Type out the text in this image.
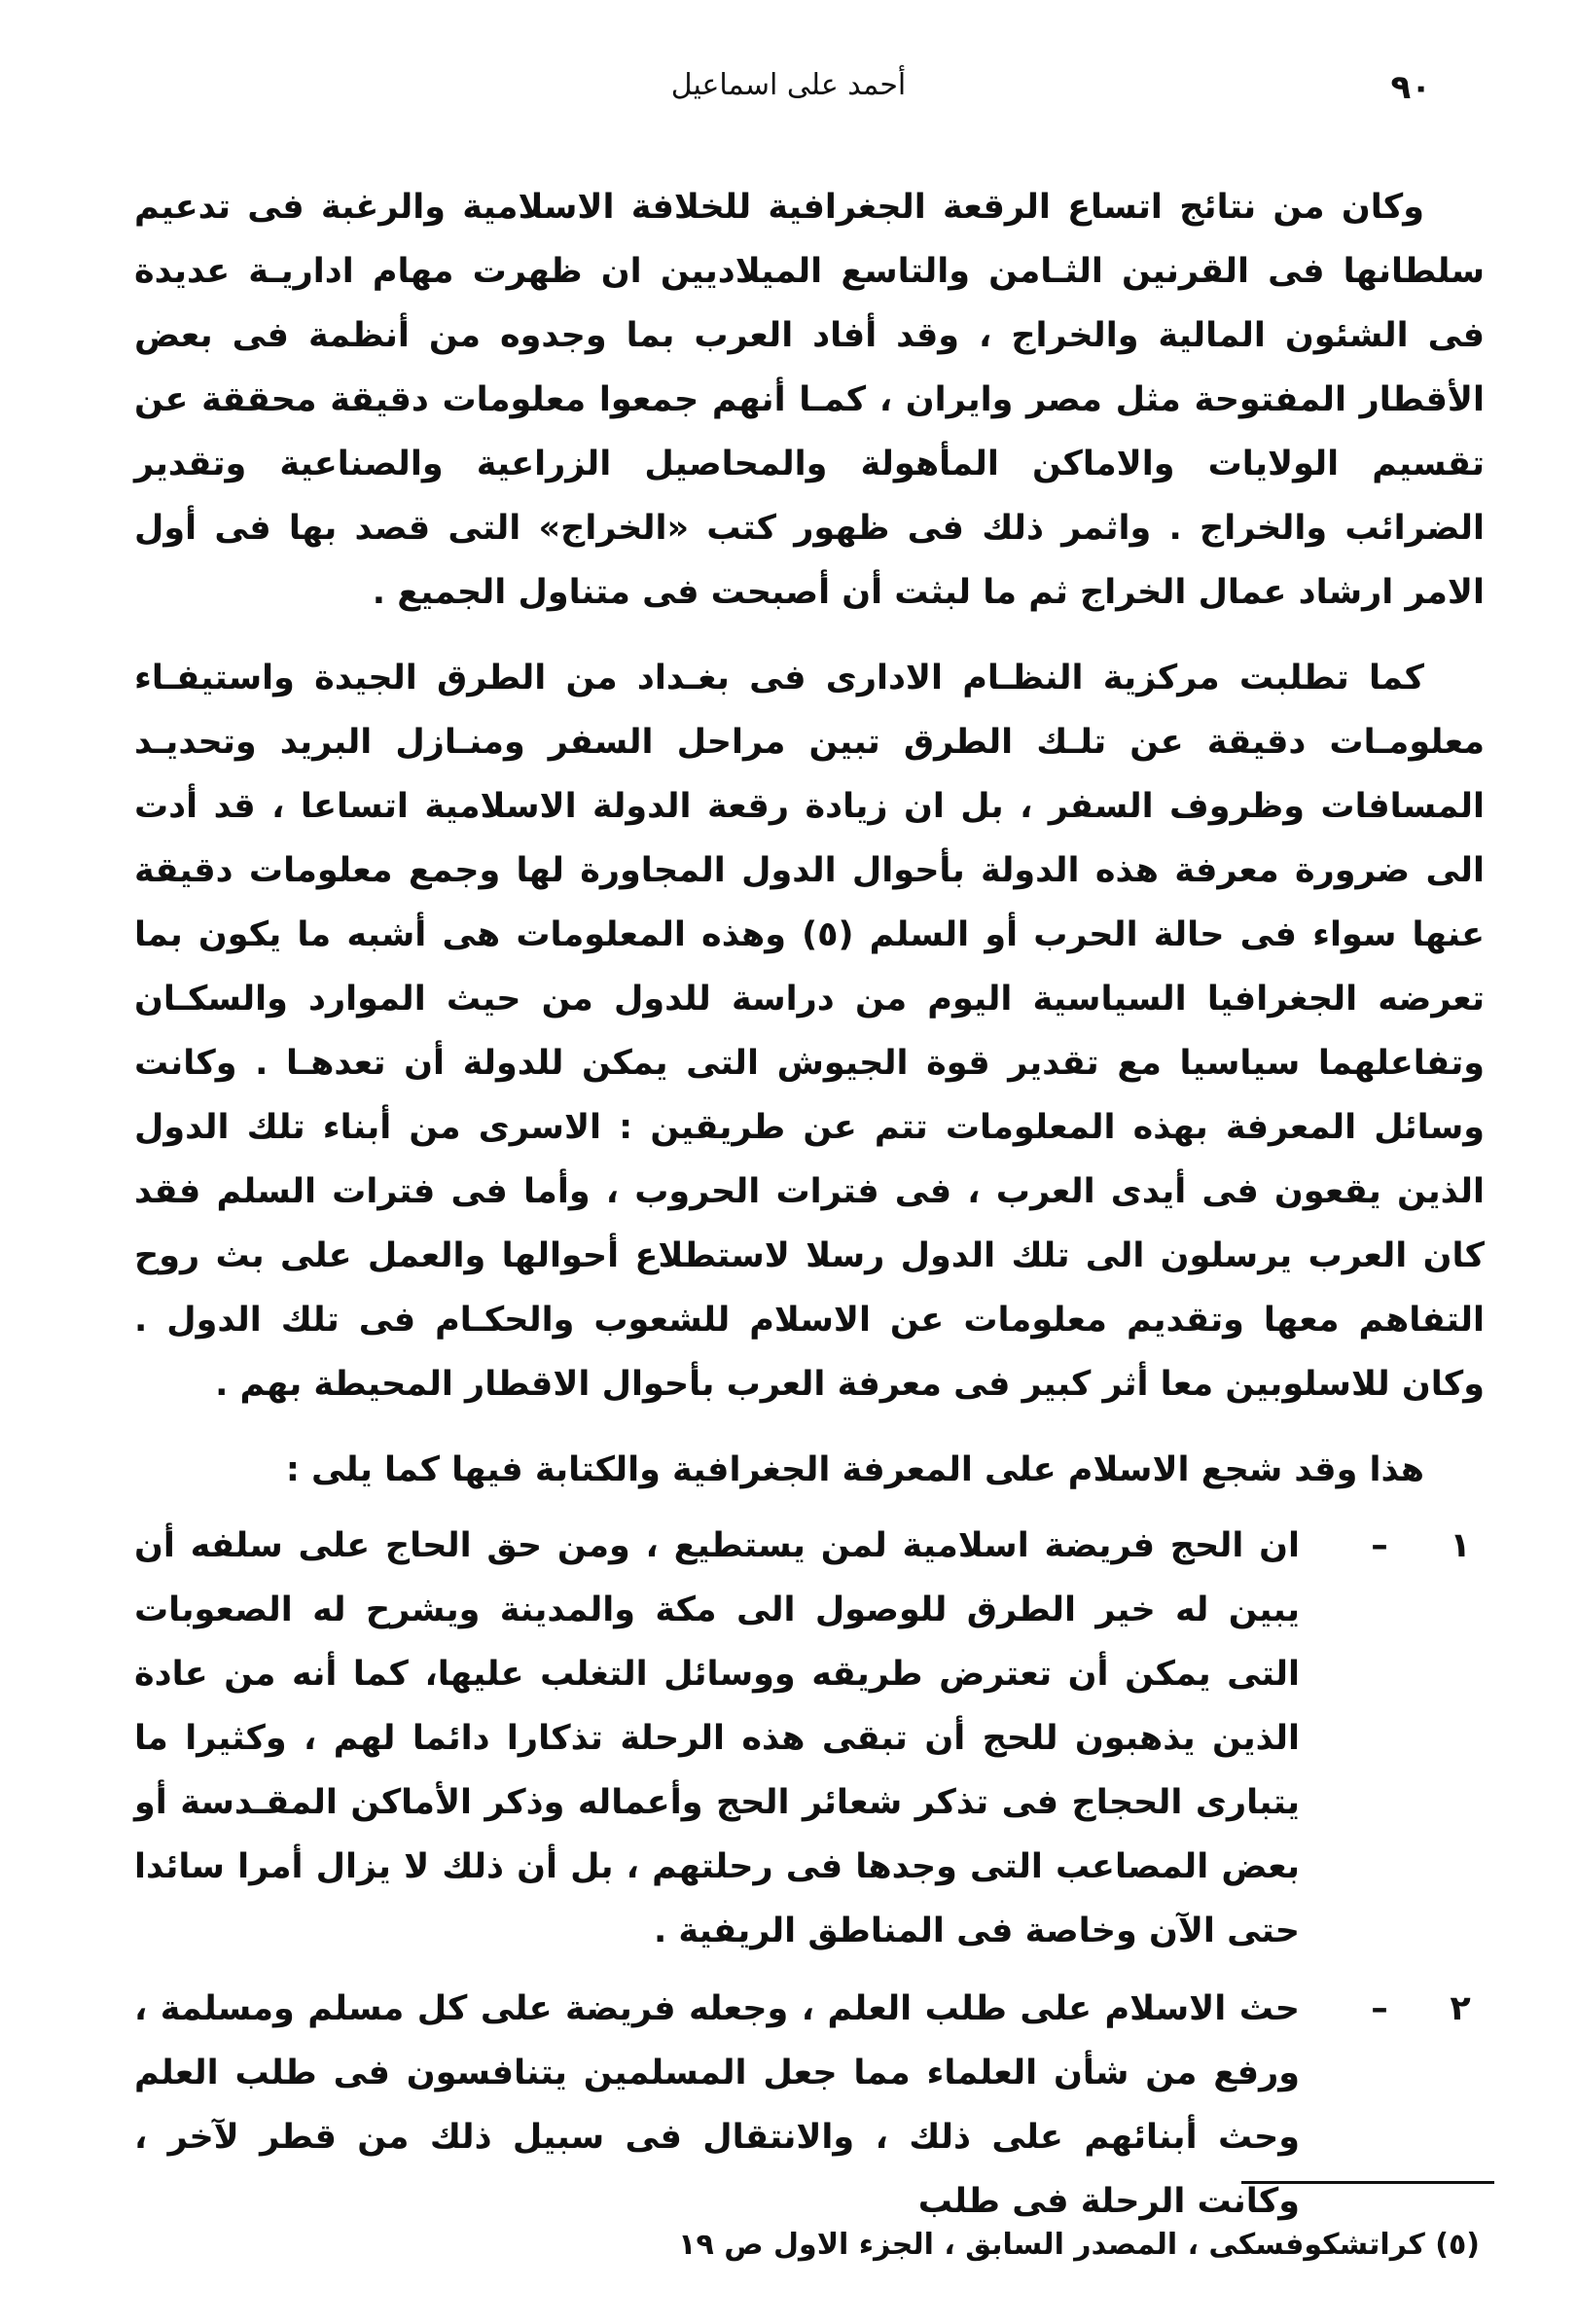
٩٠
أحمد على اسماعيل

وكان من نتائج اتساع الرقعة الجغرافية للخلافة الاسلامية والرغبة فى تدعيم سلطانها فى القرنين الثـامن والتاسع الميلاديين ان ظهرت مهام اداريـة عديدة فى الشئون المالية والخراج ، وقد أفاد العرب بما وجدوه من أنظمة فى بعض الأقطار المفتوحة مثل مصر وايران ، كمـا أنهم جمعوا معلومات دقيقة محققة عن تقسيم الولايات والاماكن المأهولة والمحاصيل الزراعية والصناعية وتقدير الضرائب والخراج . واثمر ذلك فى ظهور كتب «الخراج» التى قصد بها فى أول الامر ارشاد عمال الخراج ثم ما لبثت أن أصبحت فى متناول الجميع .

كما تطلبت مركزية النظـام الادارى فى بغـداد من الطرق الجيدة واستيفـاء معلومـات دقيقة عن تلـك الطرق تبين مراحل السفر ومنـازل البريد وتحديـد المسافات وظروف السفر ، بل ان زيادة رقعة الدولة الاسلامية اتساعا ، قد أدت الى ضرورة معرفة هذه الدولة بأحوال الدول المجاورة لها وجمع معلومات دقيقة عنها سواء فى حالة الحرب أو السلم (٥) وهذه المعلومات هى أشبه ما يكون بما تعرضه الجغرافيا السياسية اليوم من دراسة للدول من حيث الموارد والسكـان وتفاعلهما سياسيا مع تقدير قوة الجيوش التى يمكن للدولة أن تعدهـا . وكانت وسائل المعرفة بهذه المعلومات تتم عن طريقين : الاسرى من أبناء تلك الدول الذين يقعون فى أيدى العرب ، فى فترات الحروب ، وأما فى فترات السلم فقد كان العرب يرسلون الى تلك الدول رسلا لاستطلاع أحوالها والعمل على بث روح التفاهم معها وتقديم معلومات عن الاسلام للشعوب والحكـام فى تلك الدول . وكان للاسلوبين معا أثر كبير فى معرفة العرب بأحوال الاقطار المحيطة بهم .

هذا وقد شجع الاسلام على المعرفة الجغرافية والكتابة فيها كما يلى :

١
–
ان الحج فريضة اسلامية لمن يستطيع ، ومن حق الحاج على سلفه أن يبين له خير الطرق للوصول الى مكة والمدينة ويشرح له الصعوبات التى يمكن أن تعترض طريقه ووسائل التغلب عليها، كما أنه من عادة الذين يذهبون للحج أن تبقى هذه الرحلة تذكارا دائما لهم ، وكثيرا ما يتبارى الحجاج فى تذكر شعائر الحج وأعماله وذكر الأماكن المقـدسة أو بعض المصاعب التى وجدها فى رحلتهم ، بل أن ذلك لا يزال أمرا سائدا حتى الآن وخاصة فى المناطق الريفية .
٢
–
حث الاسلام على طلب العلم ، وجعله فريضة على كل مسلم ومسلمة ، ورفع من شأن العلماء مما جعل المسلمين يتنافسون فى طلب العلم وحث أبنائهم على ذلك ، والانتقال فى سبيل ذلك من قطر لآخر ، وكانت الرحلة فى طلب
(٥) كراتشكوفسكى ، المصدر السابق ، الجزء الاول ص ١٩
